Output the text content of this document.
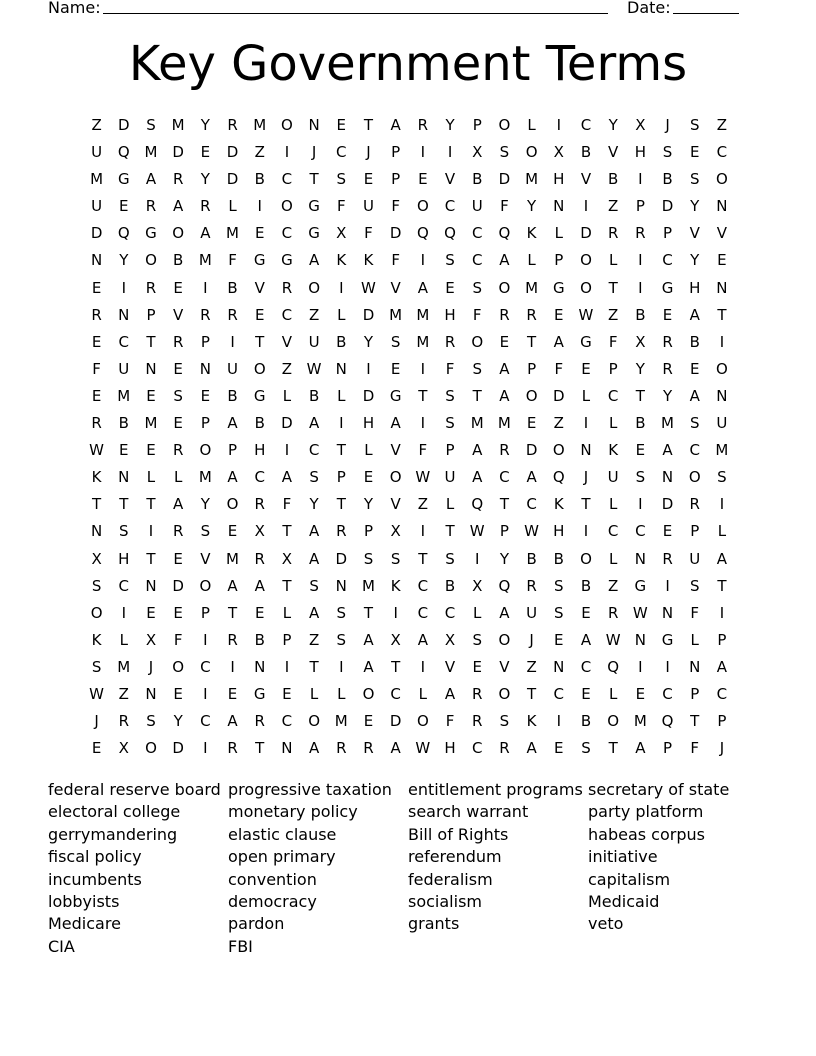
Name:	Date:
Key Government Terms
Z	D	S	M	Y	R	M O	N	E	T	A	R	Y	P	O	L	I	C	Y	X	J	S	Z
U	Q M D	E	D	Z	I	J	C	J	P	I	I	X	S	O	X	B	V	H	S	E	C
M G	A	R	Y	D	B	C	T	S	E	P	E	V	B	D M	H	V	B	I	B	S	O
U	E	R	A	R	L	I	O	G	F	U	F	O	C	U	F	Y	N	I	Z	P	D	Y	N
D	Q	G	O	A	M	E	C	G	X	F	D	Q	Q	C	Q	K	L	D	R	R	P	V	V
N	Y	O	B	M	F	G	G	A	K	K	F	I	S	C	A	L	P	O	L	I	C	Y	E
E	I	R	E	I	B	V	R	O	I	W V	A	E	S	O M G	O	T	I	G	H	N
R	N	P	V	R	R	E	C	Z	L	D M M	H	F	R	R	E	W Z	B	E	A	T
E	C	T	R	P	I	T	V	U	B	Y	S	M	R	O	E	T	A	G	F	X	R	B	I
F	U	N	E	N	U	O	Z W N	I	E	I	F	S	A	P	F	E	P	Y	R	E	O
E	M	E	S	E	B	G	L	B	L	D	G	T	S	T	A	O	D	L	C	T	Y	A	N
R	B	M	E	P	A	B	D	A	I	H	A	I	S	M M	E	Z	I	L	B	M	S	U
W	E	E	R	O	P	H	I	C	T	L	V	F	P	A	R	D	O	N	K	E	A	C	M
K	N	L	L	M	A	C	A	S	P	E	O W U	A	C	A	Q	J	U	S	N	O	S
T	T	T	A	Y	O	R	F	Y	T	Y	V	Z	L	Q	T	C	K	T	L	I	D	R	I
N	S	I	R	S	E	X	T	A	R	P	X	I	T	W	P	W H	I	C	C	E	P	L
X	H	T	E	V	M	R	X	A	D	S	S	T	S	I	Y	B	B	O	L	N	R	U	A
S	C	N	D	O	A	A	T	S	N	M	K	C	B	X	Q	R	S	B	Z	G	I	S	T
O	I	E	E	P	T	E	L	A	S	T	I	C	C	L	A	U	S	E	R W N	F	I
K	L	X	F	I	R	B	P	Z	S	A	X	A	X	S	O	J	E	A W N	G	L	P
S	M	J	O	C	I	N	I	T	I	A	T	I	V	E	V	Z	N	C	Q	I	I	N	A
W Z	N	E	I	E	G	E	L	L	O	C	L	A	R	O	T	C	E	L	E	C	P	C
J	R	S	Y	C	A	R	C	O M	E	D	O	F	R	S	K	I	B	O M Q	T	P
E	X	O	D	I	R	T	N	A	R	R	A W H	C	R	A	E	S	T	A	P	F	J
federal reserve board
electoral college
gerrymandering
fiscal policy
incumbents
lobbyists
Medicare
CIA
progressive taxation
monetary policy
elastic clause
open primary
convention
democracy
pardon
FBI
entitlement programs
search warrant
Bill of Rights
referendum
federalism
socialism
grants
secretary of state
party platform
habeas corpus
initiative
capitalism
Medicaid
veto
